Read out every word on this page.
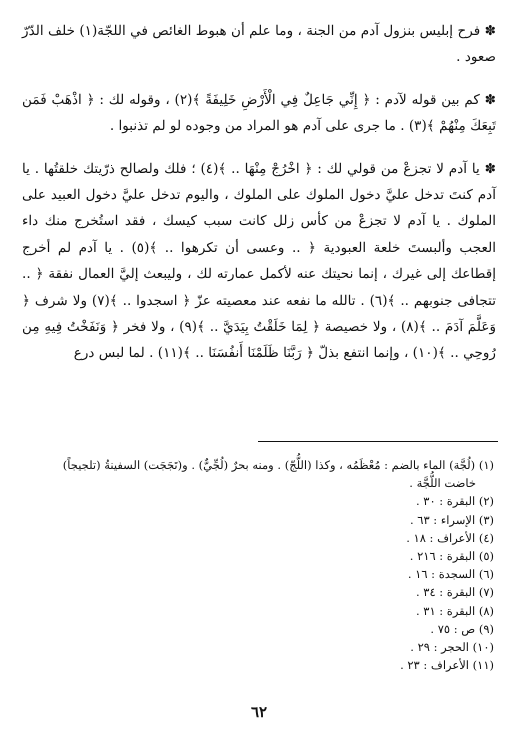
✽ فرح إبليس بنزول آدم من الجنة ، وما علم أن هبوط الغائص في اللجّة(١) خلف الدّرّ صعود .

✽ كم بين قوله لآدم : ﴿ إِنِّي جَاعِلٌ فِي الْأَرْضِ خَلِيفَةً ﴾(٢) ، وقوله لك : ﴿ اذْهَبْ فَمَن تَبِعَكَ مِنْهُمْ ﴾(٣) . ما جرى على آدم هو المراد من وجوده لو لم تذنبوا .

✽ يا آدم لا تجزعْ من قولي لك : ﴿ اخْرُجْ مِنْهَا .. ﴾(٤) ؛ فلك ولصالح ذرّيتك خلقتُها . يا آدم كنتَ تدخل عليَّ دخول الملوك على الملوك ، واليوم تدخل عليَّ دخول العبيد على الملوك . يا آدم لا تجزعْ من كأس زلل كانت سبب كيسك ، فقد استُخرج منك داء العجب وألبستَ خلعة العبودية ﴿ .. وعسى أن تكرهوا .. ﴾(٥) . يا آدم لم أخرج إقطاعك إلى غيرك ، إنما نحيتك عنه لأكمل عمارته لك ، وليبعث إليَّ العمال نفقة ﴿ .. تتجافى جنوبهم .. ﴾(٦) . تالله ما نفعه عند معصيته عزّ ﴿ اسجدوا .. ﴾(٧) ولا شرف ﴿ وَعَلَّمَ آدَمَ .. ﴾(٨) ، ولا خصيصة ﴿ لِمَا خَلَقْتُ بِيَدَيَّ .. ﴾(٩) ، ولا فخر ﴿ وَنَفَخْتُ فِيهِ مِن رُوحِي .. ﴾(١٠) ، وإنما انتفع بذلّ ﴿ رَبَّنَا ظَلَمْنَا أَنفُسَنَا .. ﴾(١١) . لما لبس درع

(١) (لُجَّة) الماء بالضم : مُعْظَمُه ، وكذا (اللُّجّ) . ومنه بحرٌ (لُجِّيٌّ) . و(تَجَجَت) السفينةُ (تلجيجاً)
خاضت اللُّجَّة .
(٢) البقرة : ٣٠ .
(٣) الإسراء : ٦٣ .
(٤) الأعراف : ١٨ .
(٥) البقرة : ٢١٦ .
(٦) السجدة : ١٦ .
(٧) البقرة : ٣٤ .
(٨) البقرة : ٣١ .
(٩) ص : ٧٥ .
(١٠) الحجر : ٢٩ .
(١١) الأعراف : ٢٣ .
٦٢
